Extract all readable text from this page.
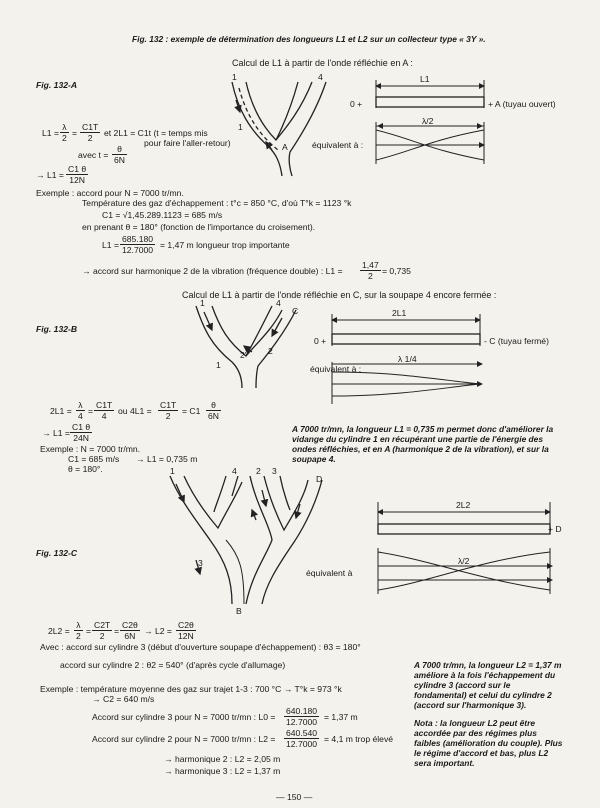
Fig. 132 : exemple de détermination des longueurs L1 et L2 sur un collecteur type « 3Y ».
Fig. 132-A
Calcul de L1 à partir de l'onde réfléchie en A :
1	4
1
A
L1
0 +	+ A (tuyau ouvert)
λ/2
équivalent à :
$L1 = \frac{\lambda}{2} = \frac{C1T}{2}$ et 2L1 = C1t (t = temps mis
pour faire l'aller-retour)
avec $t = \frac{\theta}{6N}$
→ $L1 = \frac{C1 \theta}{12N}$
Exemple : accord pour N = 7000 tr/mn.
Température des gaz d'échappement : t°c = 850 °C, d'où T°k = 1123 °k
C1 = √1,45.289.1123 = 685 m/s
en prenant θ = 180° (fonction de l'importance du croisement).
$L1 = \frac{685.180}{12.7000} = 1,47$ m longueur trop importante
→ accord sur harmonique 2 de la vibration (fréquence double) : $L1 = \frac{1,47}{2} = 0,735$
Calcul de L1 à partir de l'onde réfléchie en C, sur la soupape 4 encore fermée :
Fig. 132-B
1	4
C
2
2'
1
2L1
0 +	- C (tuyau fermé)
équivalent à :
λ 1/4
$2L1 = \frac{\lambda}{4} = \frac{C1T}{4}$ ou $4L1 = \frac{C1T}{2} = C1 \frac{\theta}{6N}$
→ $L1 = \frac{C1 \theta}{24N}$
Exemple : N = 7000 tr/mn.
C1 = 685 m/s → L1 = 0,735 m
θ = 180°.
A 7000 tr/mn, la longueur L1 = 0,735 m permet donc d'améliorer la vidange du cylindre 1 en récupérant une partie de l'énergie des ondes réfléchies, et en A (harmonique 2 de la vibration), et sur la soupape 4.
1	4 2 3
D
3
B
Fig. 132-C
2L2
+ D
λ/2
équivalent à
$2L2 = \frac{\lambda}{2} = \frac{C2T}{2} = \frac{C2\theta}{6N} \to L2 = \frac{C2\theta}{12N}$
Avec : accord sur cylindre 3 (début d'ouverture soupape d'échappement) : θ3 = 180°
accord sur cylindre 2 : θ2 = 540° (d'après cycle d'allumage)
Exemple : température moyenne des gaz sur trajet 1-3 : 700 °C → T°k = 973 °k
→ C2 = 640 m/s
Accord sur cylindre 3 pour N = 7000 tr/mn : $L0 = \frac{640.180}{12.7000} = 1,37$ m
Accord sur cylindre 2 pour N = 7000 tr/mn : $L2 = \frac{640.540}{12.7000} = 4,1$ m trop élevé
→ harmonique 2 : L2 = 2,05 m
→ harmonique 3 : L2 = 1,37 m
A 7000 tr/mn, la longueur L2 = 1,37 m améliore à la fois l'échappement du cylindre 3 (accord sur le fondamental) et celui du cylindre 2 (accord sur l'harmonique 3).
Nota : la longueur L2 peut être accordée par des régimes plus faibles (amélioration du couple). Plus le régime d'accord et bas, plus L2 sera important.
— 150 —
